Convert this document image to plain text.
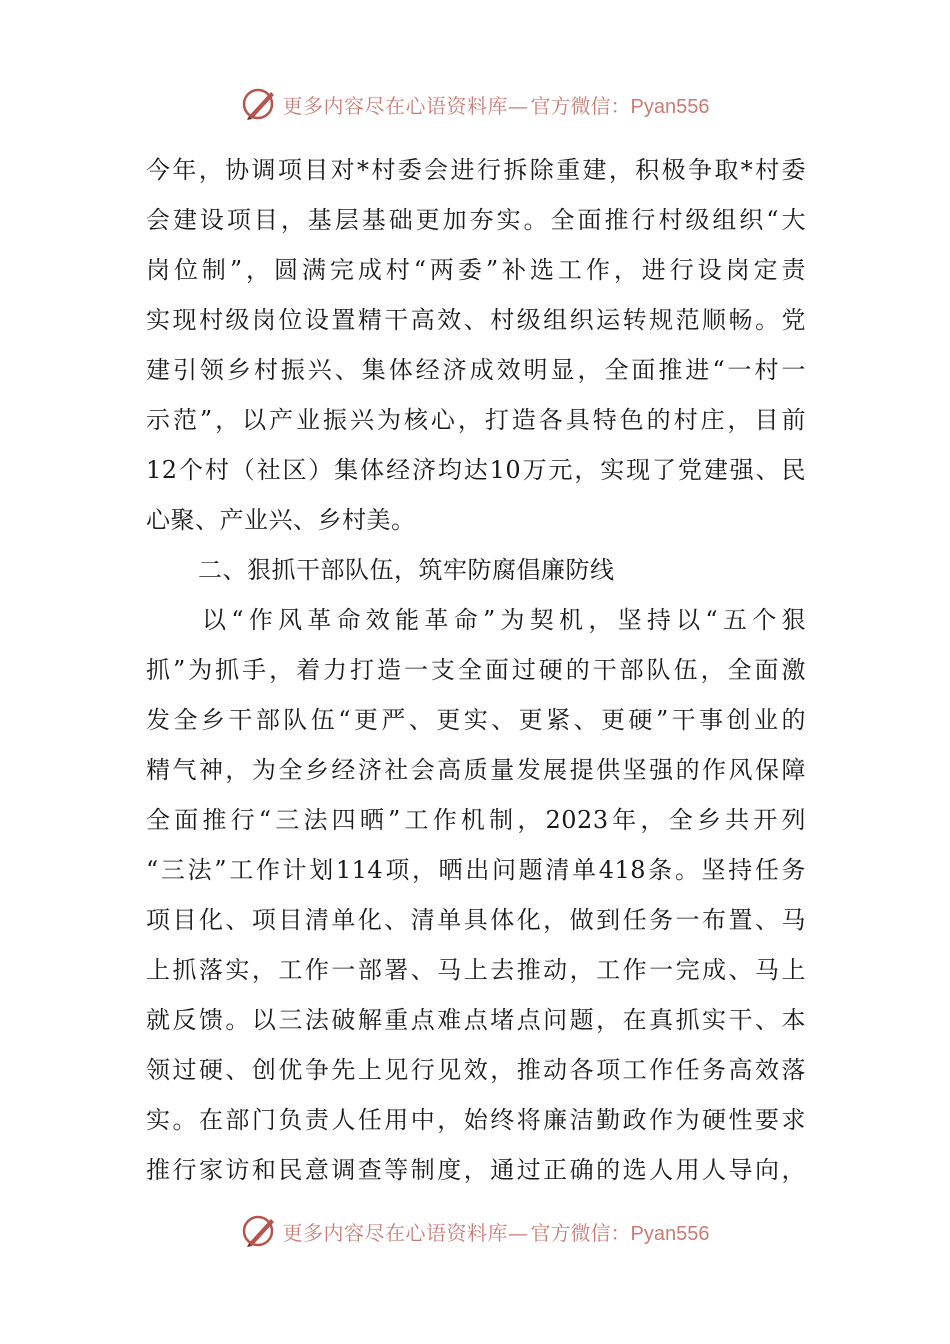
更多内容尽在心语资料库— 官方微信：Pyan556
今年，协调项目对*村委会进行拆除重建，积极争取*村委
会建设项目，基层基础更加夯实。全面推行村级组织“大
岗位制”，圆满完成村“两委”补选工作，进行设岗定责
实现村级岗位设置精干高效、村级组织运转规范顺畅。党
建引领乡村振兴、集体经济成效明显，全面推进“一村一
示范”，以产业振兴为核心，打造各具特色的村庄，目前
12个村（社区）集体经济均达10万元，实现了党建强、民
心聚、产业兴、乡村美。
二、狠抓干部队伍，筑牢防腐倡廉防线
以“作风革命效能革命”为契机，坚持以“五个狠
抓”为抓手，着力打造一支全面过硬的干部队伍，全面激
发全乡干部队伍“更严、更实、更紧、更硬”干事创业的
精气神，为全乡经济社会高质量发展提供坚强的作风保障
全面推行“三法四晒”工作机制，2023年，全乡共开列
“三法”工作计划114项，晒出问题清单418条。坚持任务
项目化、项目清单化、清单具体化，做到任务一布置、马
上抓落实，工作一部署、马上去推动，工作一完成、马上
就反馈。以三法破解重点难点堵点问题，在真抓实干、本
领过硬、创优争先上见行见效，推动各项工作任务高效落
实。在部门负责人任用中，始终将廉洁勤政作为硬性要求
推行家访和民意调查等制度，通过正确的选人用人导向，
更多内容尽在心语资料库— 官方微信：Pyan556
